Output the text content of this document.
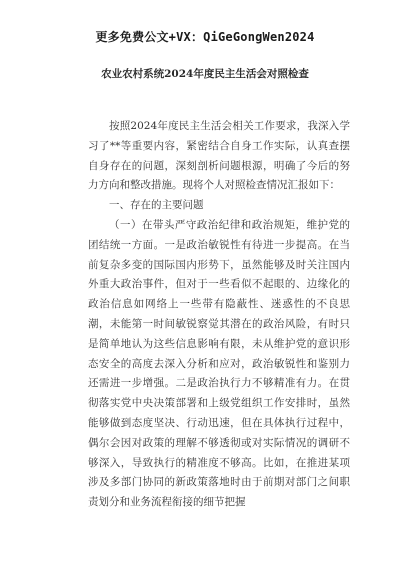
更多免费公文+VX：QiGeGongWen2024
农业农村系统2024年度民主生活会对照检查

按照2024年度民主生活会相关工作要求，我深入学习了**等重要内容，紧密结合自身工作实际，认真查摆自身存在的问题，深刻剖析问题根源，明确了今后的努力方向和整改措施。现将个人对照检查情况汇报如下：

一、存在的主要问题

（一）在带头严守政治纪律和政治规矩，维护党的团结统一方面。一是政治敏锐性有待进一步提高。在当前复杂多变的国际国内形势下，虽然能够及时关注国内外重大政治事件，但对于一些看似不起眼的、边缘化的政治信息如网络上一些带有隐蔽性、迷惑性的不良思潮，未能第一时间敏锐察觉其潜在的政治风险，有时只是简单地认为这些信息影响有限，未从维护党的意识形态安全的高度去深入分析和应对，政治敏锐性和鉴别力还需进一步增强。二是政治执行力不够精准有力。在贯彻落实党中央决策部署和上级党组织工作安排时，虽然能够做到态度坚决、行动迅速，但在具体执行过程中，偶尔会因对政策的理解不够透彻或对实际情况的调研不够深入，导致执行的精准度不够高。比如，在推进某项涉及多部门协同的新政策落地时由于前期对部门之间职责划分和业务流程衔接的细节把握
